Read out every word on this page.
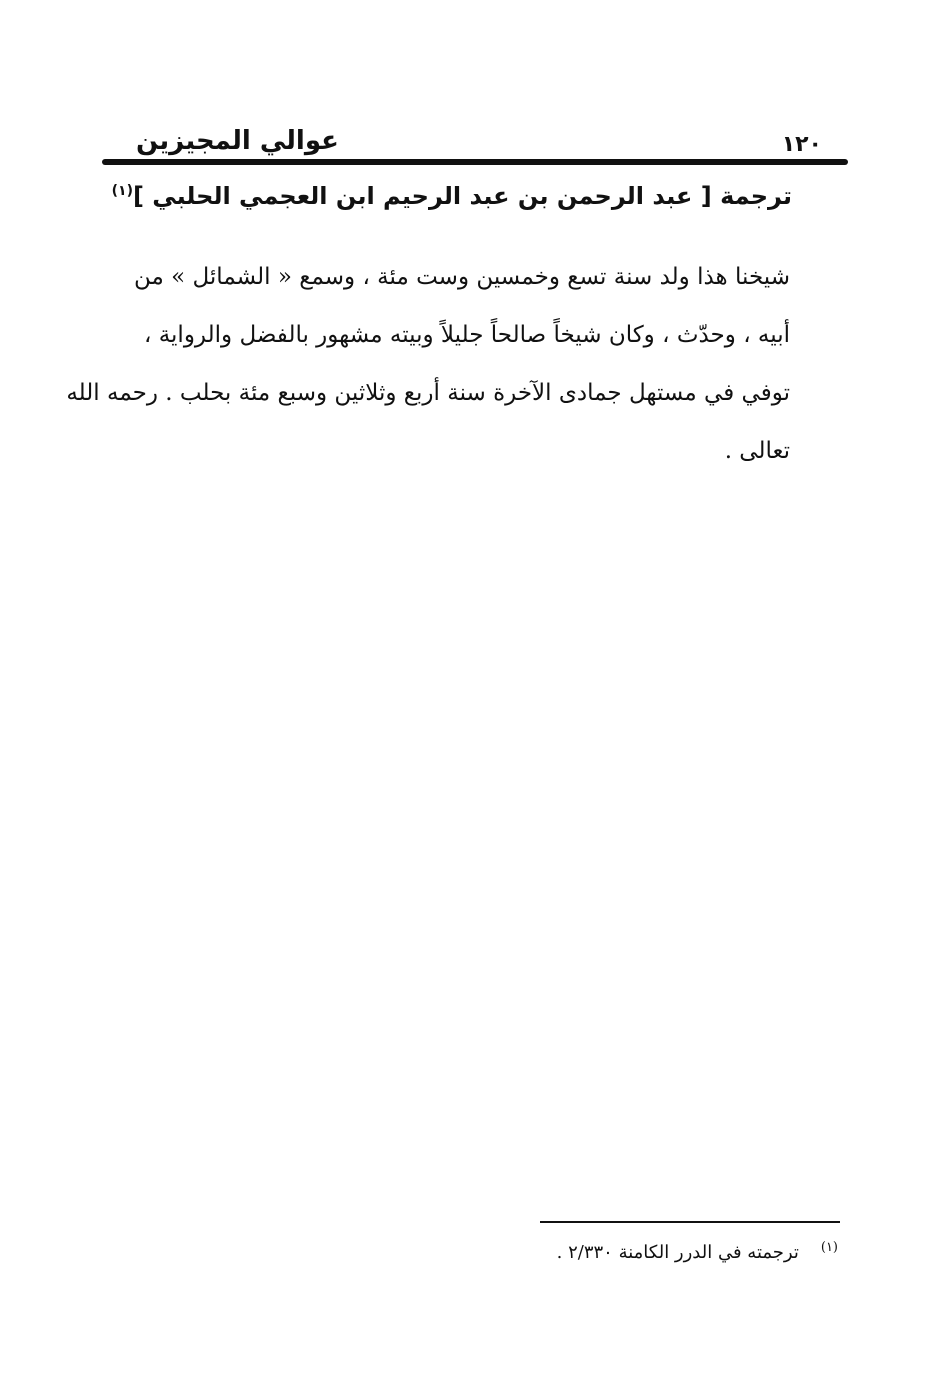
عوالي المجيزين	١٢٠
ترجمة [ عبد الرحمن بن عبد الرحيم ابن العجمي الحلبي ]$^{(١)}$
شيخنا هذا ولد سنة تسع وخمسين وست مئة ، وسمع « الشمائل » من
أبيه ، وحدّث ، وكان شيخاً صالحاً جليلاً وبيته مشهور بالفضل والرواية ،
توفي في مستهل جمادى الآخرة سنة أربع وثلاثين وسبع مئة بحلب . رحمه الله
تعالى .
$^{(١)}$ترجمته في الدرر الكامنة ٢/٣٣٠ .
